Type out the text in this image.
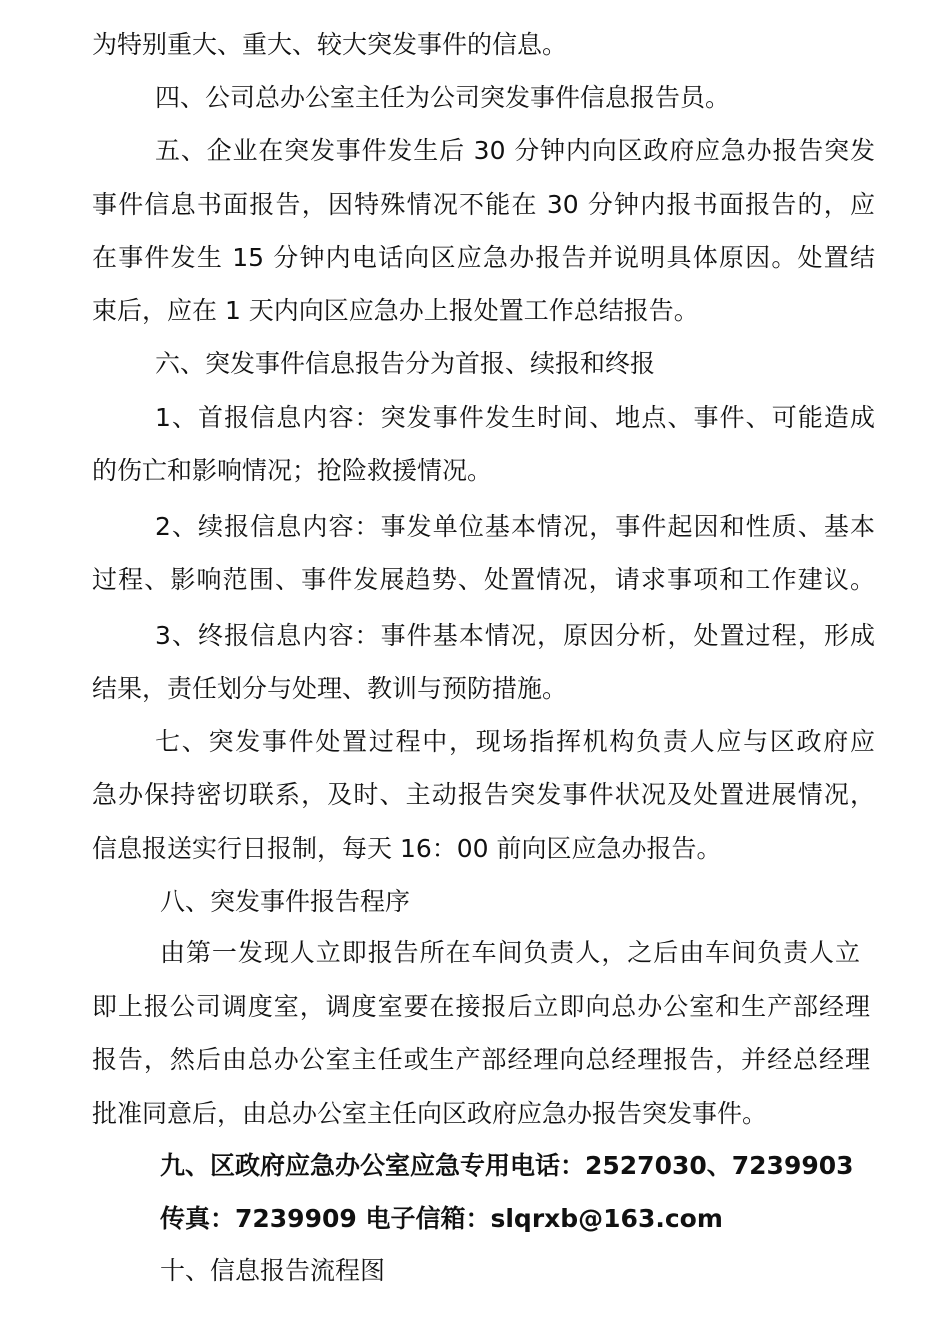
为特别重大、重大、较大突发事件的信息。
四、公司总办公室主任为公司突发事件信息报告员。
五、企业在突发事件发生后 30 分钟内向区政府应急办报告突发
事件信息书面报告，因特殊情况不能在 30 分钟内报书面报告的，应
在事件发生 15 分钟内电话向区应急办报告并说明具体原因。处置结
束后，应在 1 天内向区应急办上报处置工作总结报告。
六、突发事件信息报告分为首报、续报和终报
1、首报信息内容：突发事件发生时间、地点、事件、可能造成
的伤亡和影响情况；抢险救援情况。
2、续报信息内容：事发单位基本情况，事件起因和性质、基本
过程、影响范围、事件发展趋势、处置情况，请求事项和工作建议。
3、终报信息内容：事件基本情况，原因分析，处置过程，形成
结果，责任划分与处理、教训与预防措施。
七、突发事件处置过程中，现场指挥机构负责人应与区政府应
急办保持密切联系，及时、主动报告突发事件状况及处置进展情况，
信息报送实行日报制，每天 16：00 前向区应急办报告。
八、突发事件报告程序
由第一发现人立即报告所在车间负责人，之后由车间负责人立
即上报公司调度室，调度室要在接报后立即向总办公室和生产部经理
报告，然后由总办公室主任或生产部经理向总经理报告，并经总经理
批准同意后，由总办公室主任向区政府应急办报告突发事件。
九、区政府应急办公室应急专用电话：2527030、7239903
传真：7239909 电子信箱：slqrxb@163.com
十、信息报告流程图
